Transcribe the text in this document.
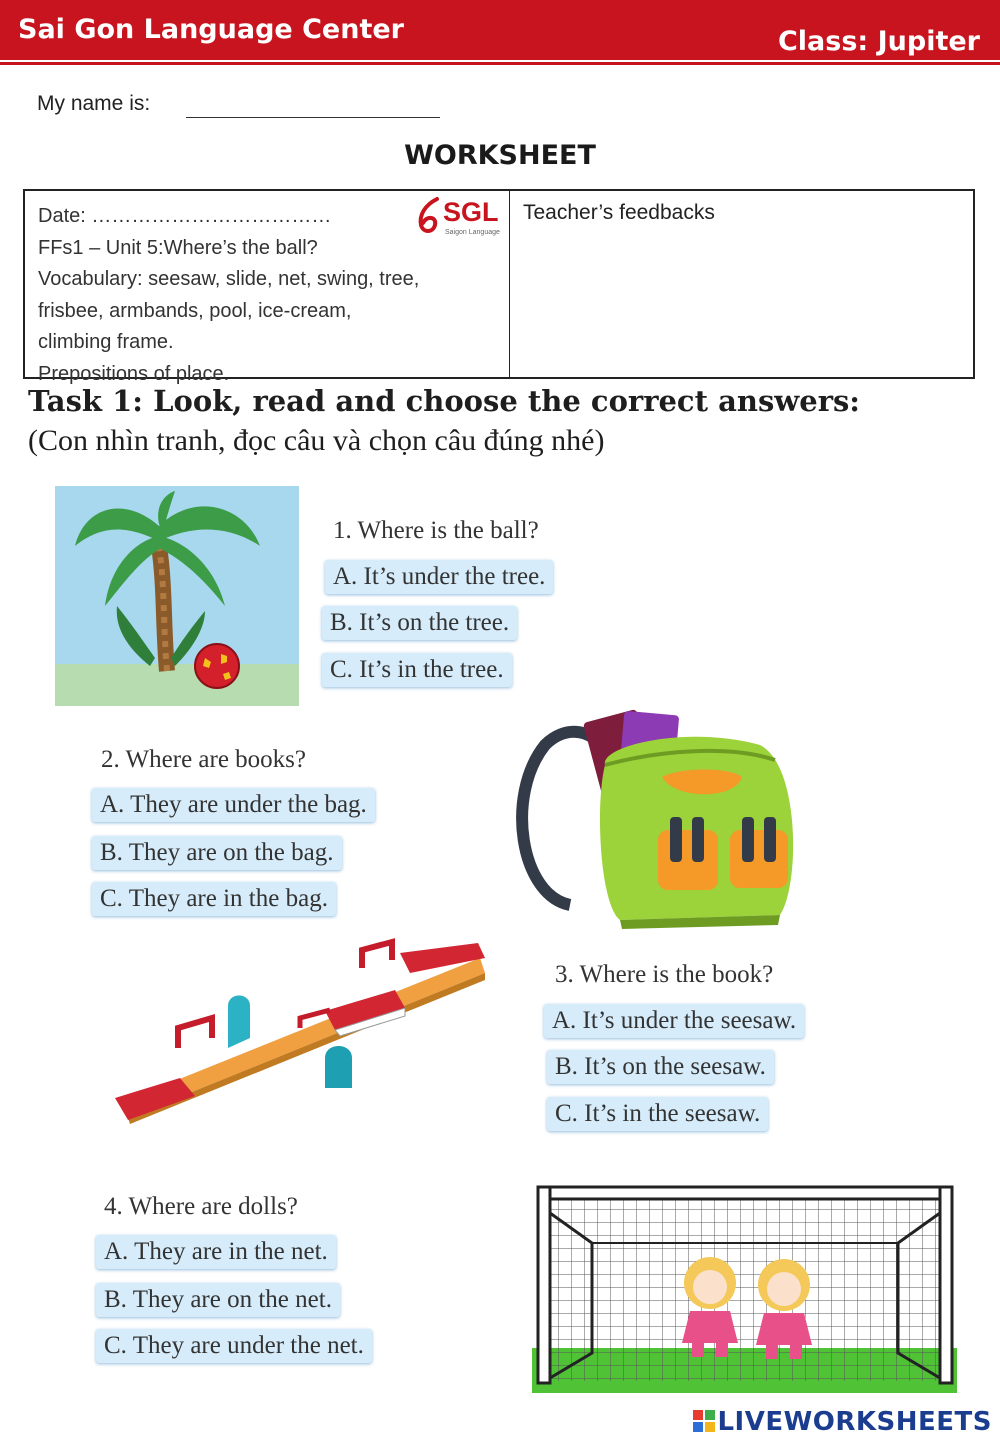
Sai Gon Language Center	Class: Jupiter
My name is:
WORKSHEET
Date: ………………………………
FFs1 – Unit 5:Where’s the ball?
Vocabulary: seesaw, slide, net, swing, tree,
frisbee, armbands, pool, ice-cream,
climbing frame.
Prepositions of place.
SGL
Saigon Language
Teacher’s feedbacks
Task 1: Look, read and choose the correct answers:
(Con nhìn tranh, đọc câu và chọn câu đúng nhé)
1. Where is the ball?
A. It’s under the tree.
B. It’s on the tree.
C. It’s in the tree.
2. Where are books?
A. They are under the bag.
B. They are on the bag.
C. They are in the bag.
3. Where is the book?
A. It’s under the seesaw.
B. It’s on the seesaw.
C. It’s in the seesaw.
4. Where are dolls?
A. They are in the net.
B. They are on the net.
C. They are under the net.
LIVEWORKSHEETS
